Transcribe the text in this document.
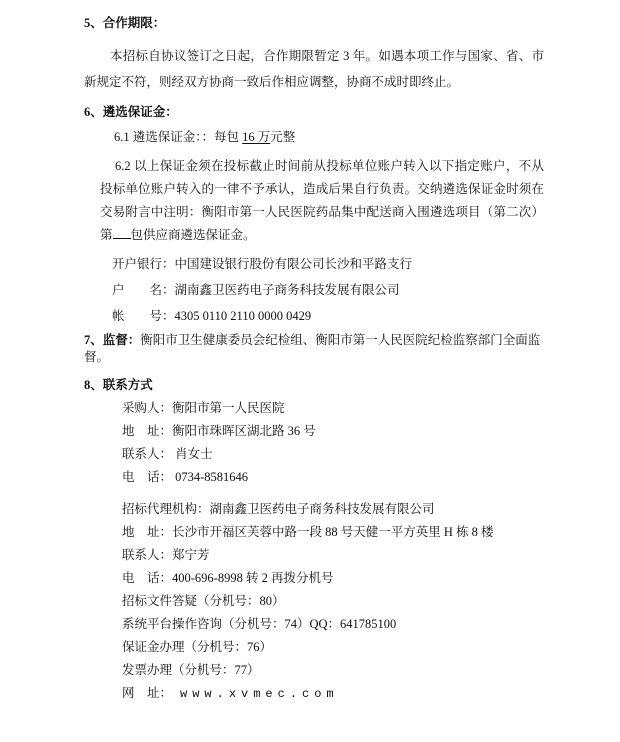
5、合作期限：

本招标自协议签订之日起，合作期限暂定 3 年。如遇本项工作与国家、省、市新规定不符，则经双方协商一致后作相应调整，协商不成时即终止。

6、遴选保证金：
6.1 遴选保证金：：每包 16 万元整

6.2 以上保证金须在投标截止时间前从投标单位账户转入以下指定账户，不从投标单位账户转入的一律不予承认，造成后果自行负责。交纳遴选保证金时须在交易附言中注明：衡阳市第一人民医院药品集中配送商入围遴选项目（第二次）第 包供应商遴选保证金。

开户银行：中国建设银行股份有限公司长沙和平路支行
户　　名：湖南鑫卫医药电子商务科技发展有限公司
帐　　号：4305 0110 2110 0000 0429
7、监督：衡阳市卫生健康委员会纪检组、衡阳市第一人民医院纪检监察部门全面监督。
8、联系方式
采购人：衡阳市第一人民医院
地　址：衡阳市珠晖区湖北路 36 号
联系人： 肖女士
电　话： 0734-8581646
招标代理机构：湖南鑫卫医药电子商务科技发展有限公司
地　址：长沙市开福区芙蓉中路一段 88 号天健一平方英里 H 栋 8 楼
联系人：郑宁芳
电　话：400-696-8998 转 2 再拨分机号
招标文件答疑（分机号：80）
系统平台操作咨询（分机号：74）QQ：641785100
保证金办理（分机号：76）
发票办理（分机号：77）
网　址： www.xvmec.com
